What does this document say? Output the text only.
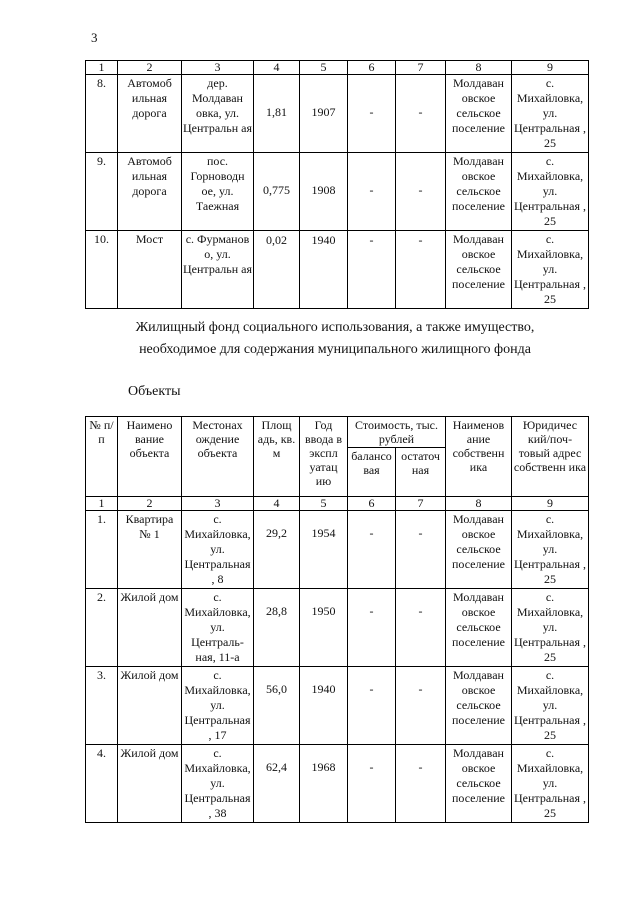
3
1	2	3	4	5	6	7	8	9
8.	Автомоб ильная дорога	дер. Молдаван овка, ул. Центральн ая	1,81	1907	-	-	Молдаван овское сельское поселение	с. Михайловка, ул. Центральная , 25
9.	Автомоб ильная дорога	пос. Горноводн ое, ул. Таежная	0,775	1908	-	-	Молдаван овское сельское поселение	с. Михайловка, ул. Центральная , 25
10.	Мост	с. Фурманов о, ул. Центральн ая	0,02	1940	-	-	Молдаван овское сельское поселение	с. Михайловка, ул. Центральная , 25
Жилищный фонд социального использования, а также имущество,
необходимое для содержания муниципального жилищного фонда
Объекты
№ п/п	Наимено вание объекта	Местонах ождение объекта	Площ адь, кв. м	Год ввода в экспл уатац ию	Стоимость, тыс. рублей		Наименов ание собственн ика	Юридичес кий/поч- товый адрес собственн ика
					балансовая	остаточ ная		
1	2	3	4	5	6	7	8	9
1.	Квартира № 1	с. Михайловка, ул. Центральная , 8	29,2	1954	-	-	Молдаван овское сельское поселение	с. Михайловка, ул. Центральная , 25
2.	Жилой дом	с. Михайловка, ул. Централь- ная, 11-а	28,8	1950	-	-	Молдаван овское сельское поселение	с. Михайловка, ул. Центральная , 25
3.	Жилой дом	с. Михайловка, ул. Центральная , 17	56,0	1940	-	-	Молдаван овское сельское поселение	с. Михайловка, ул. Центральная , 25
4.	Жилой дом	с. Михайловка, ул. Центральная , 38	62,4	1968	-	-	Молдаван овское сельское поселение	с. Михайловка, ул. Центральная , 25
